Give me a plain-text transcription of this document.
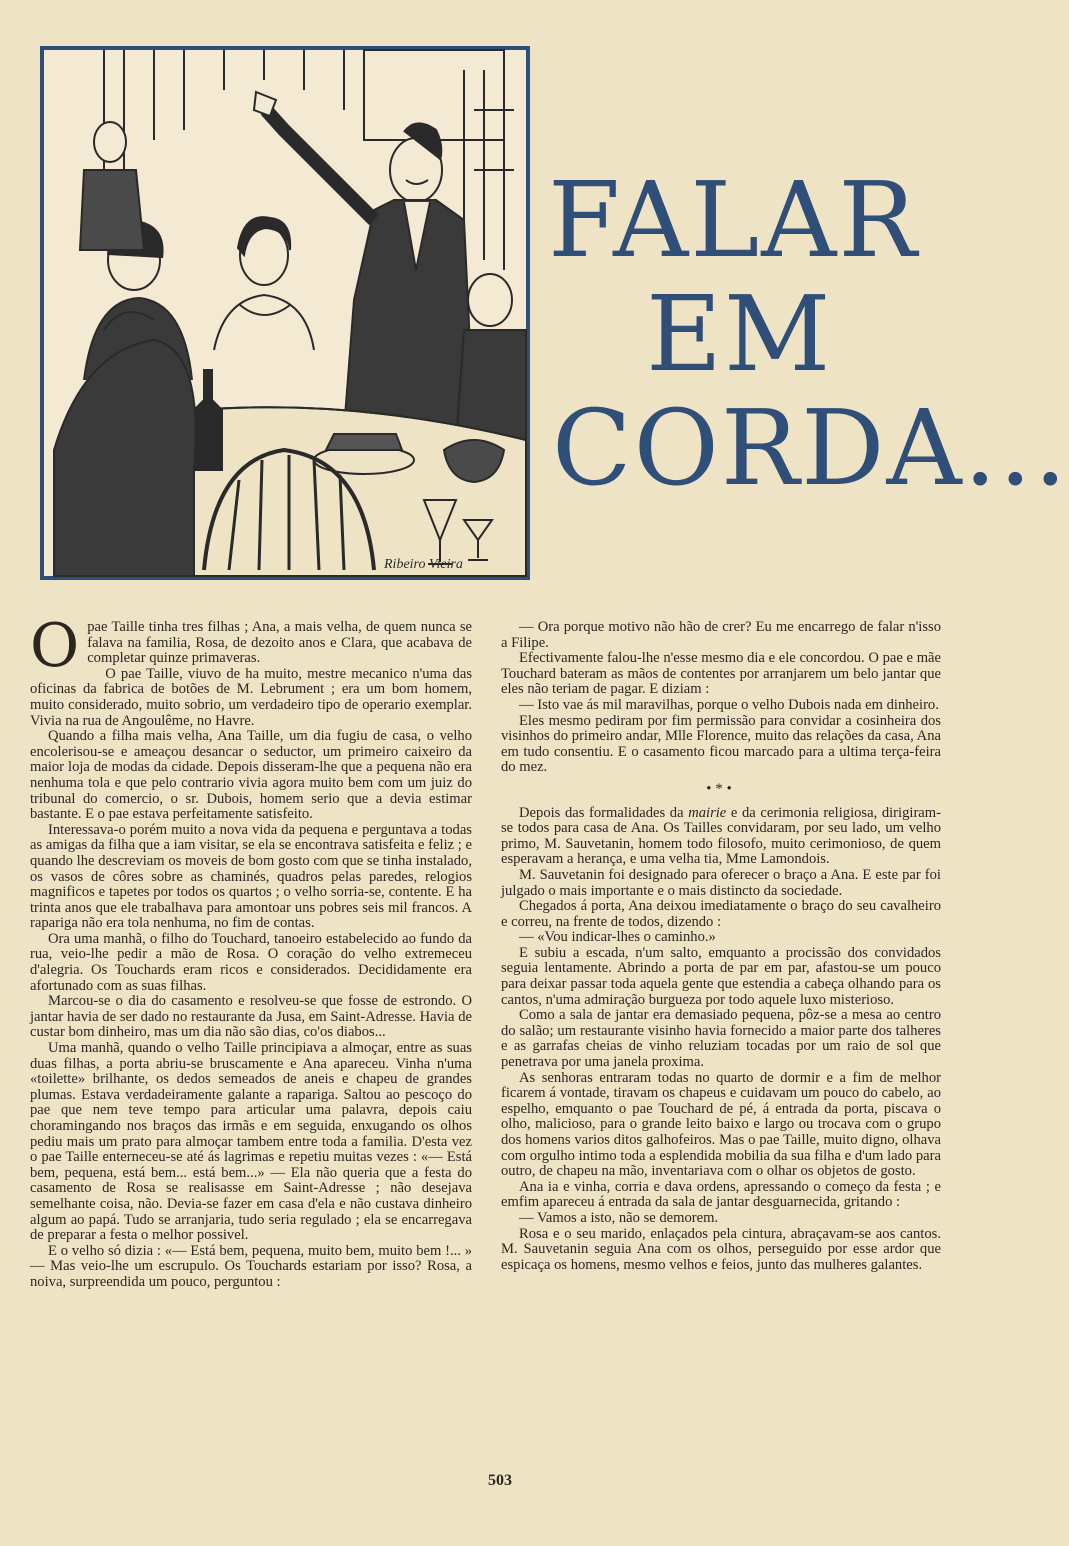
Ribeiro Vieira
FALAR
EM
CORDA...

Opae Taille tinha tres filhas ; Ana, a mais velha, de quem nunca se falava na familia, Rosa, de dezoito anos e Clara, que acabava de completar quinze primaveras.

O pae Taille, viuvo de ha muito, mestre mecanico n'uma das oficinas da fabrica de botões de M. Lebrument ; era um bom homem, muito considerado, muito sobrio, um verdadeiro tipo de operario exemplar. Vivia na rua de Angoulême, no Havre.

Quando a filha mais velha, Ana Taille, um dia fugiu de casa, o velho encolerisou-se e ameaçou desancar o seductor, um primeiro caixeiro da maior loja de modas da cidade. Depois disseram-lhe que a pequena não era nenhuma tola e que pelo contrario vivia agora muito bem com um juiz do tribunal do comercio, o sr. Dubois, homem serio que a devia estimar bastante. E o pae estava perfeitamente satisfeito.

Interessava-o porém muito a nova vida da pequena e perguntava a todas as amigas da filha que a iam visitar, se ela se encontrava satisfeita e feliz ; e quando lhe descreviam os moveis de bom gosto com que se tinha instalado, os vasos de côres sobre as chaminés, quadros pelas paredes, relogios magnificos e tapetes por todos os quartos ; o velho sorria-se, contente. E ha trinta anos que ele trabalhava para amontoar uns pobres seis mil francos. A rapariga não era tola nenhuma, no fim de contas.

Ora uma manhã, o filho do Touchard, tanoeiro estabelecido ao fundo da rua, veio-lhe pedir a mão de Rosa. O coração do velho extremeceu d'alegria. Os Touchards eram ricos e considerados. Decididamente era afortunado com as suas filhas.

Marcou-se o dia do casamento e resolveu-se que fosse de estrondo. O jantar havia de ser dado no restaurante da Jusa, em Saint-Adresse. Havia de custar bom dinheiro, mas um dia não são dias, co'os diabos...

Uma manhã, quando o velho Taille principiava a almoçar, entre as suas duas filhas, a porta abriu-se bruscamente e Ana apareceu. Vinha n'uma «toilette» brilhante, os dedos semeados de aneis e chapeu de grandes plumas. Estava verdadeiramente galante a rapariga. Saltou ao pescoço do pae que nem teve tempo para articular uma palavra, depois caiu choramingando nos braços das irmãs e em seguida, enxugando os olhos pediu mais um prato para almoçar tambem entre toda a familia. D'esta vez o pae Taille enterneceu-se até ás lagrimas e repetiu muitas vezes : «— Está bem, pequena, está bem... está bem...» — Ela não queria que a festa do casamento de Rosa se realisasse em Saint-Adresse ; não desejava semelhante coisa, não. Devia-se fazer em casa d'ela e não custava dinheiro algum ao papá. Tudo se arranjaria, tudo seria regulado ; ela se encarregava de preparar a festa o melhor possivel.

E o velho só dizia : «— Está bem, pequena, muito bem, muito bem !... » — Mas veio-lhe um escrupulo. Os Touchards estariam por isso? Rosa, a noiva, surpreendida um pouco, perguntou :

— Ora porque motivo não hão de crer? Eu me encarrego de falar n'isso a Filipe.

Efectivamente falou-lhe n'esse mesmo dia e ele concordou. O pae e mãe Touchard bateram as mãos de contentes por arranjarem um belo jantar que eles não teriam de pagar. E diziam :

— Isto vae ás mil maravilhas, porque o velho Dubois nada em dinheiro.

Eles mesmo pediram por fim permissão para convidar a cosinheira dos visinhos do primeiro andar, Mlle Florence, muito das relações da casa, Ana em tudo consentiu. E o casamento ficou marcado para a ultima terça-feira do mez.

•*•

Depois das formalidades da mairie e da cerimonia religiosa, dirigiram-se todos para casa de Ana. Os Tailles convidaram, por seu lado, um velho primo, M. Sauvetanin, homem todo filosofo, muito cerimonioso, de quem esperavam a herança, e uma velha tia, Mme Lamondois.

M. Sauvetanin foi designado para oferecer o braço a Ana. E este par foi julgado o mais importante e o mais distincto da sociedade.

Chegados á porta, Ana deixou imediatamente o braço do seu cavalheiro e correu, na frente de todos, dizendo :

— «Vou indicar-lhes o caminho.»

E subiu a escada, n'um salto, emquanto a procissão dos convidados seguia lentamente. Abrindo a porta de par em par, afastou-se um pouco para deixar passar toda aquela gente que estendia a cabeça olhando para os cantos, n'uma admiração burgueza por todo aquele luxo misterioso.

Como a sala de jantar era demasiado pequena, pôz-se a mesa ao centro do salão; um restaurante visinho havia fornecido a maior parte dos talheres e as garrafas cheias de vinho reluziam tocadas por um raio de sol que penetrava por uma janela proxima.

As senhoras entraram todas no quarto de dormir e a fim de melhor ficarem á vontade, tiravam os chapeus e cuidavam um pouco do cabelo, ao espelho, emquanto o pae Touchard de pé, á entrada da porta, piscava o olho, malicioso, para o grande leito baixo e largo ou trocava com o grupo dos homens varios ditos galhofeiros. Mas o pae Taille, muito digno, olhava com orgulho intimo toda a esplendida mobilia da sua filha e d'um lado para outro, de chapeu na mão, inventariava com o olhar os objetos de gosto.

Ana ia e vinha, corria e dava ordens, apressando o começo da festa ; e emfim apareceu á entrada da sala de jantar desguarnecida, gritando :

— Vamos a isto, não se demorem.

Rosa e o seu marido, enlaçados pela cintura, abraçavam-se aos cantos. M. Sauvetanin seguia Ana com os olhos, perseguido por esse ardor que espicaça os homens, mesmo velhos e feios, junto das mulheres galantes.

503
